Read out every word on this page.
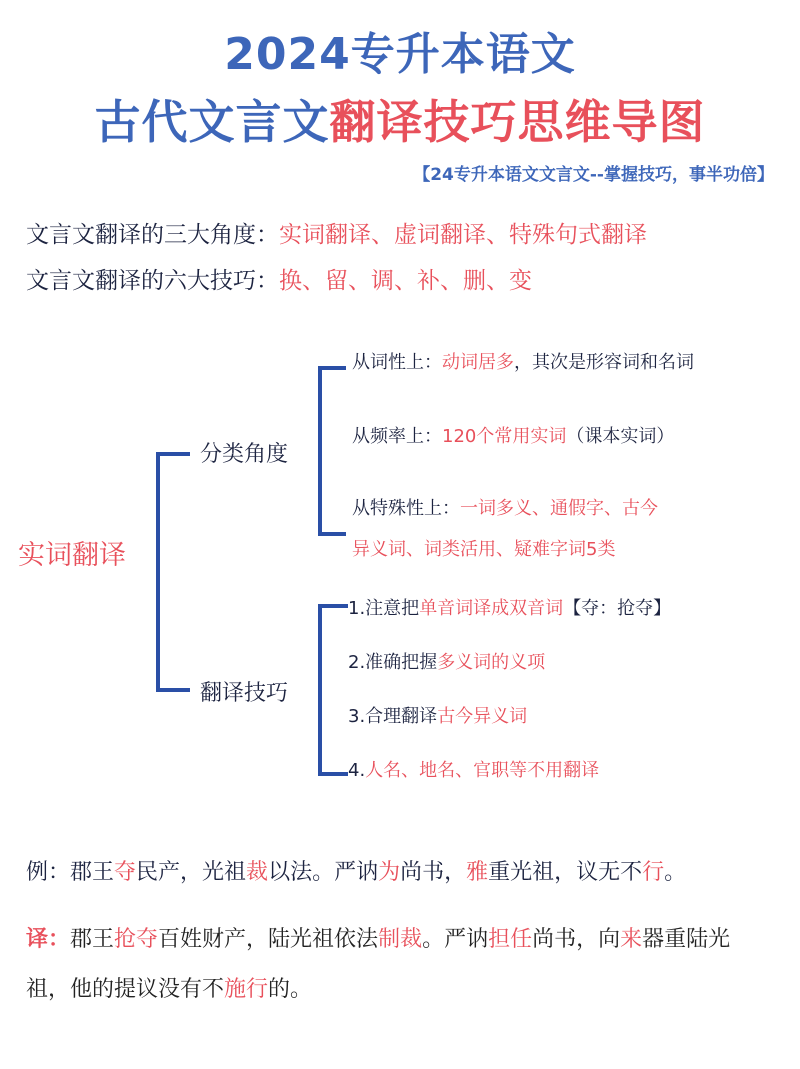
2024专升本语文
古代文言文翻译技巧思维导图
【24专升本语文文言文--掌握技巧，事半功倍】
文言文翻译的三大角度：实词翻译、虚词翻译、特殊句式翻译
文言文翻译的六大技巧：换、留、调、补、删、变
实词翻译
分类角度
从词性上：动词居多，其次是形容词和名词
从频率上：120个常用实词（课本实词）
从特殊性上：一词多义、通假字、古今
异义词、词类活用、疑难字词5类
翻译技巧
1.注意把单音词译成双音词【夺：抢夺】
2.准确把握多义词的义项
3.合理翻译古今异义词
4.人名、地名、官职等不用翻译
例：郡王夺民产，光祖裁以法。严讷为尚书，雅重光祖，议无不行。
译：郡王抢夺百姓财产，陆光祖依法制裁。严讷担任尚书，向来器重陆光祖，他的提议没有不施行的。
